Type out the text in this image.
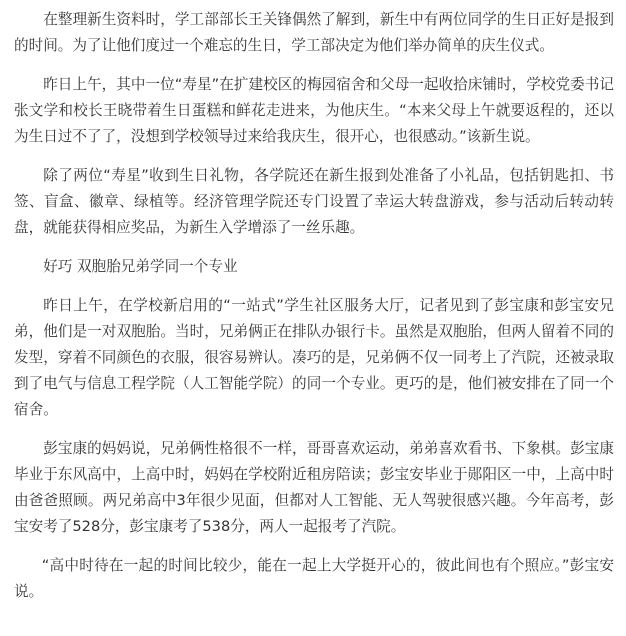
在整理新生资料时，学工部部长王关锋偶然了解到，新生中有两位同学的生日正好是报到的时间。为了让他们度过一个难忘的生日，学工部决定为他们举办简单的庆生仪式。

昨日上午，其中一位“寿星”在扩建校区的梅园宿舍和父母一起收拾床铺时，学校党委书记张文学和校长王晓带着生日蛋糕和鲜花走进来，为他庆生。“本来父母上午就要返程的，还以为生日过不了了，没想到学校领导过来给我庆生，很开心，也很感动。”该新生说。

除了两位“寿星”收到生日礼物，各学院还在新生报到处准备了小礼品，包括钥匙扣、书签、盲盒、徽章、绿植等。经济管理学院还专门设置了幸运大转盘游戏，参与活动后转动转盘，就能获得相应奖品，为新生入学增添了一丝乐趣。

好巧 双胞胎兄弟学同一个专业

昨日上午，在学校新启用的“一站式”学生社区服务大厅，记者见到了彭宝康和彭宝安兄弟，他们是一对双胞胎。当时，兄弟俩正在排队办银行卡。虽然是双胞胎，但两人留着不同的发型，穿着不同颜色的衣服，很容易辨认。凑巧的是，兄弟俩不仅一同考上了汽院，还被录取到了电气与信息工程学院（人工智能学院）的同一个专业。更巧的是，他们被安排在了同一个宿舍。

彭宝康的妈妈说，兄弟俩性格很不一样，哥哥喜欢运动，弟弟喜欢看书、下象棋。彭宝康毕业于东风高中，上高中时，妈妈在学校附近租房陪读；彭宝安毕业于郧阳区一中，上高中时由爸爸照顾。两兄弟高中3年很少见面，但都对人工智能、无人驾驶很感兴趣。今年高考，彭宝安考了528分，彭宝康考了538分，两人一起报考了汽院。

“高中时待在一起的时间比较少，能在一起上大学挺开心的，彼此间也有个照应。”彭宝安说。
